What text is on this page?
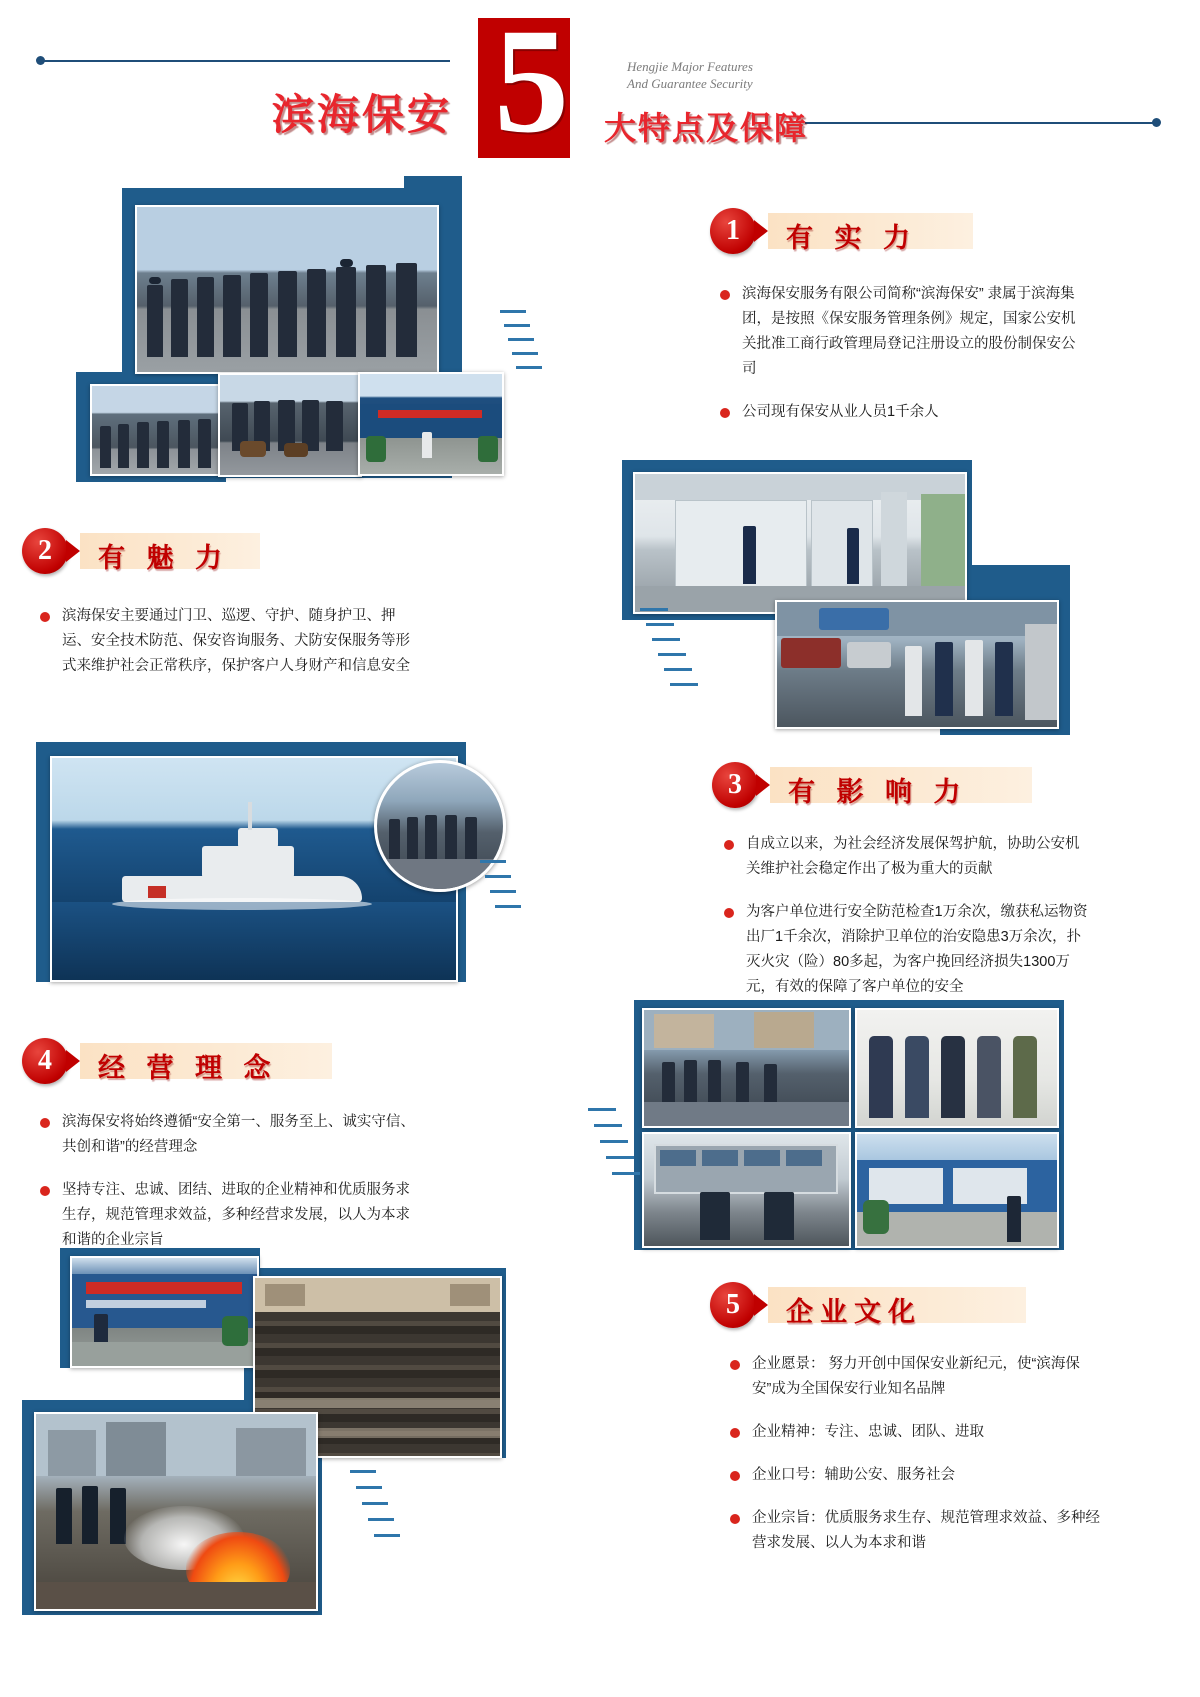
5
滨海保安	大特点及保障
Hengjie Major Features
And Guarantee Security
1	有 实 力
滨海保安服务有限公司简称“滨海保安” 隶属于滨海集团，是按照《保安服务管理条例》规定，国家公安机关批准工商行政管理局登记注册设立的股份制保安公司
公司现有保安从业人员1千余人
2	有 魅 力
滨海保安主要通过门卫、巡逻、守护、随身护卫、押运、安全技术防范、保安咨询服务、犬防安保服务等形式来维护社会正常秩序，保护客户人身财产和信息安全
3	有 影 响 力
自成立以来，为社会经济发展保驾护航，协助公安机关维护社会稳定作出了极为重大的贡献
为客户单位进行安全防范检查1万余次，缴获私运物资出厂1千余次，消除护卫单位的治安隐患3万余次，扑灭火灾（险）80多起，为客户挽回经济损失1300万元，有效的保障了客户单位的安全
4	经 营 理 念
滨海保安将始终遵循“安全第一、服务至上、诚实守信、共创和谐”的经营理念
坚持专注、忠诚、团结、进取的企业精神和优质服务求生存，规范管理求效益，多种经营求发展，以人为本求和谐的企业宗旨
5	企业文化
企业愿景： 努力开创中国保安业新纪元，使“滨海保安”成为全国保安行业知名品牌
企业精神：专注、忠诚、团队、进取
企业口号：辅助公安、服务社会
企业宗旨：优质服务求生存、规范管理求效益、多种经营求发展、以人为本求和谐
